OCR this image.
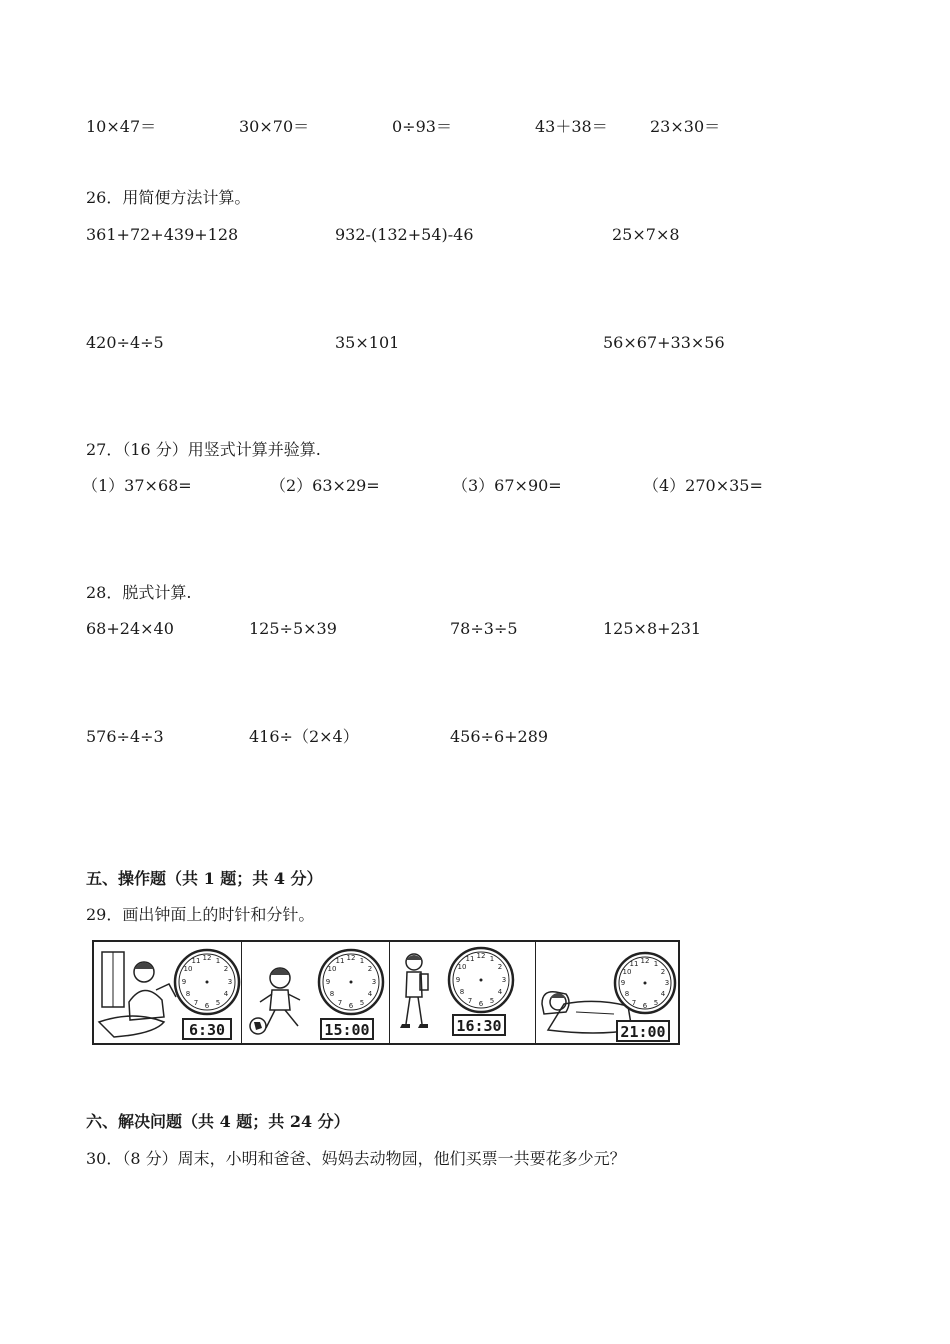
10×47＝	30×70＝	0÷93＝	43＋38＝	23×30＝
26．用简便方法计算。
361+72+439+128	932-(132+54)-46	25×7×8
420÷4÷5	35×101	56×67+33×56
27．（16 分）用竖式计算并验算.
（1）37×68=	（2）63×29=	（3）67×90=	（4）270×35=
28．脱式计算.
68+24×40	125÷5×39	78÷3÷5	125×8+231
576÷4÷3	416÷（2×4）	456÷6+289
五、操作题（共 1 题；共 4 分）
29．画出钟面上的时针和分针。
12 1
2
3
4
5
6
7
8
9
10
11
6:30
12 1
2
3
4
5
6
7
8
9
10
11
15:00
12 1
2
3
4
5
6
7
8
9
10
11
16:30
12 1
2
3
4
5
6
7
8
9
10
11
21:00
六、解决问题（共 4 题；共 24 分）
30．（8 分）周末，小明和爸爸、妈妈去动物园，他们买票一共要花多少元？
